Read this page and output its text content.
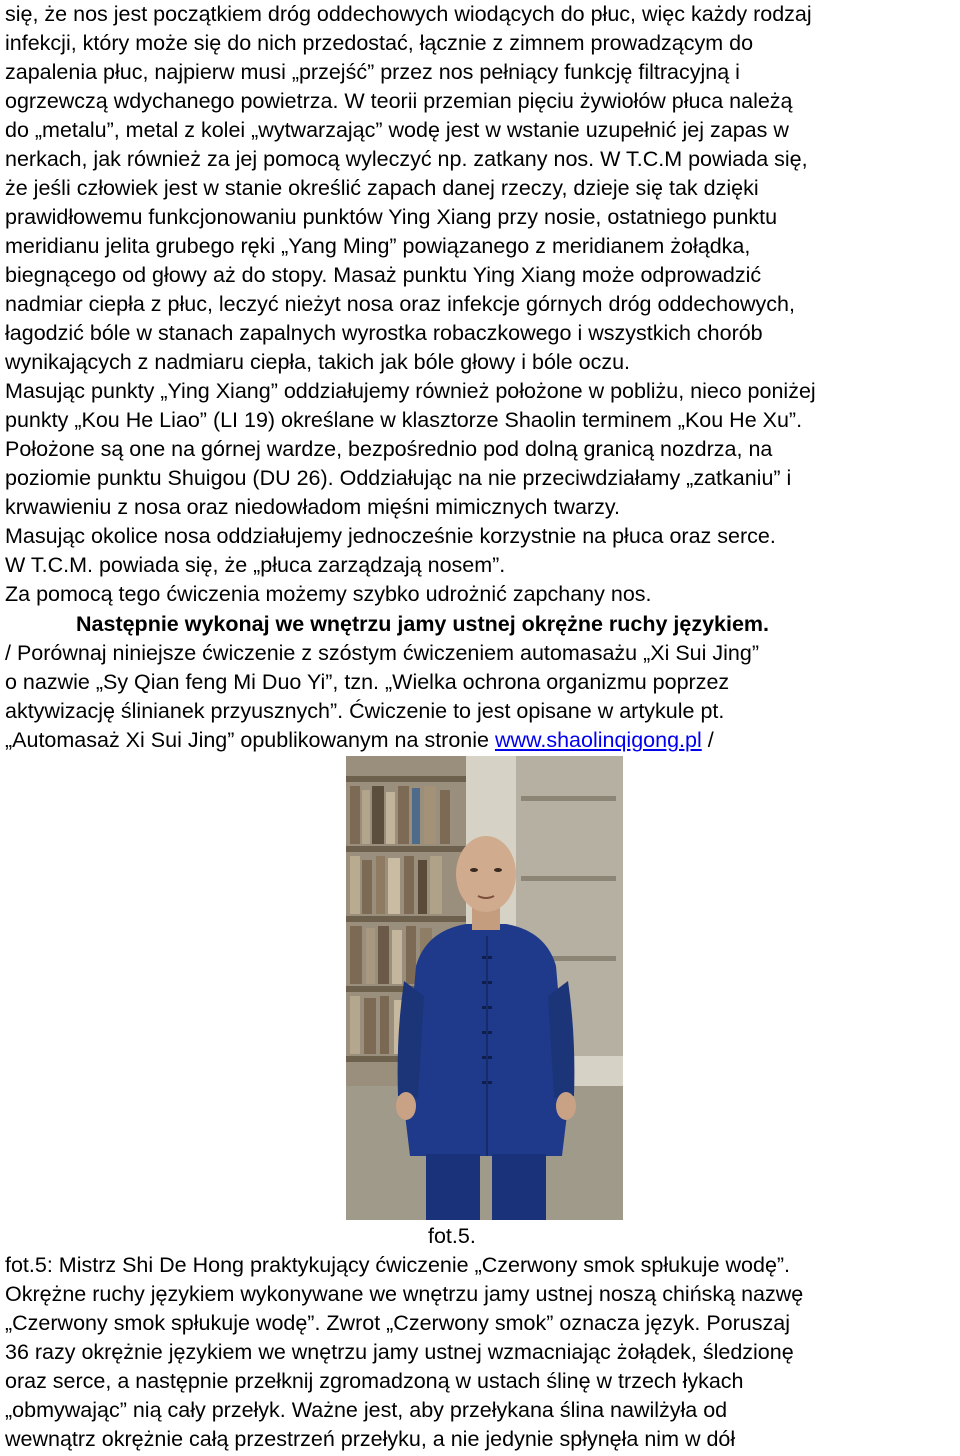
się, że nos jest początkiem dróg oddechowych wiodących do płuc, więc każdy rodzaj
infekcji, który może się do nich przedostać, łącznie z zimnem prowadzącym do
zapalenia płuc, najpierw musi „przejść” przez nos pełniący funkcję filtracyjną i
ogrzewczą wdychanego powietrza. W teorii przemian pięciu żywiołów płuca należą
do „metalu”, metal z kolei „wytwarzając” wodę jest w wstanie uzupełnić jej zapas w
nerkach, jak również za jej pomocą wyleczyć np. zatkany nos. W T.C.M powiada się,
że jeśli człowiek jest w stanie określić zapach danej rzeczy, dzieje się tak dzięki
prawidłowemu funkcjonowaniu punktów Ying Xiang przy nosie, ostatniego punktu
meridianu jelita grubego ręki „Yang Ming” powiązanego z meridianem żołądka,
biegnącego od głowy aż do stopy. Masaż punktu Ying Xiang może odprowadzić
nadmiar ciepła z płuc, leczyć nieżyt nosa oraz infekcje górnych dróg oddechowych,
łagodzić bóle w stanach zapalnych wyrostka robaczkowego i wszystkich chorób
wynikających z nadmiaru ciepła, takich jak bóle głowy i bóle oczu.
Masując punkty „Ying Xiang” oddziałujemy również położone w pobliżu, nieco poniżej
punkty „Kou He Liao” (LI 19) określane w klasztorze Shaolin terminem „Kou He Xu”.
Położone są one na górnej wardze, bezpośrednio pod dolną granicą nozdrza, na
poziomie punktu Shuigou (DU 26). Oddziałując na nie przeciwdziałamy „zatkaniu” i
krwawieniu z nosa oraz niedowładom mięśni mimicznych twarzy.
Masując okolice nosa oddziałujemy jednocześnie korzystnie na płuca oraz serce.
W T.C.M. powiada się, że „płuca zarządzają nosem”.
Za pomocą tego ćwiczenia możemy szybko udrożnić zapchany nos.
Następnie wykonaj we wnętrzu jamy ustnej okrężne ruchy językiem.
/ Porównaj niniejsze ćwiczenie z szóstym ćwiczeniem automasażu „Xi Sui Jing”
o nazwie „Sy Qian feng Mi Duo Yi”, tzn. „Wielka ochrona organizmu poprzez
aktywizację ślinianek przyusznych”. Ćwiczenie to jest opisane w artykule pt.
„Automasaż Xi Sui Jing” opublikowanym na stronie www.shaolinqigong.pl /
fot.5.
fot.5: Mistrz Shi De Hong praktykujący ćwiczenie „Czerwony smok spłukuje wodę”.
Okrężne ruchy językiem wykonywane we wnętrzu jamy ustnej noszą chińską nazwę
„Czerwony smok spłukuje wodę”. Zwrot „Czerwony smok” oznacza język. Poruszaj
36 razy okrężnie językiem we wnętrzu jamy ustnej wzmacniając żołądek, śledzionę
oraz serce, a następnie przełknij zgromadzoną w ustach ślinę w trzech łykach
„obmywając” nią cały przełyk. Ważne jest, aby przełykana ślina nawilżyła od
wewnątrz okrężnie całą przestrzeń przełyku, a nie jedynie spłynęła nim w dół
